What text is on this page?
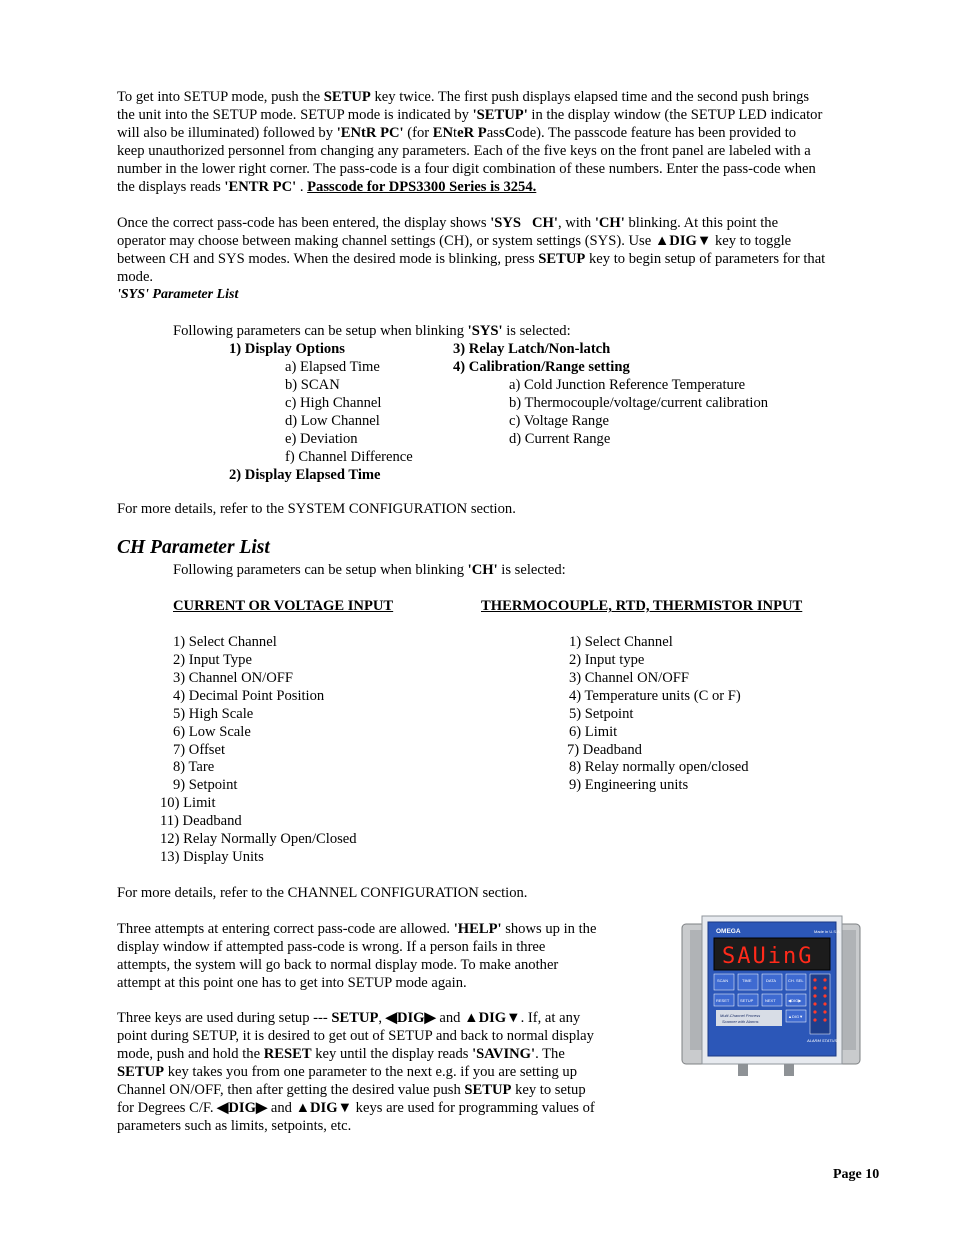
To get into SETUP mode, push the SETUP key twice. The first push displays elapsed time and the second push brings
the unit into the SETUP mode. SETUP mode is indicated by 'SETUP' in the display window (the SETUP LED indicator
will also be illuminated) followed by 'ENtR PC' (for ENteR PassCode). The passcode feature has been provided to
keep unauthorized personnel from changing any parameters. Each of the five keys on the front panel are labeled with a
number in the lower right corner. The pass-code is a four digit combination of these numbers. Enter the pass-code when
the displays reads 'ENTR PC' . Passcode for DPS3300 Series is 3254.
Once the correct pass-code has been entered, the display shows 'SYS   CH', with 'CH' blinking. At this point the
operator may choose between making channel settings (CH), or system settings (SYS). Use ▲DIG▼ key to toggle
between CH and SYS modes. When the desired mode is blinking, press SETUP key to begin setup of parameters for that
mode.
'SYS' Parameter List
Following parameters can be setup when blinking 'SYS' is selected:
1) Display Options
a) Elapsed Time
b) SCAN
c) High Channel
d) Low Channel
e) Deviation
f) Channel Difference
2) Display Elapsed Time
3) Relay Latch/Non-latch
4) Calibration/Range setting
a) Cold Junction Reference Temperature
b) Thermocouple/voltage/current calibration
c) Voltage Range
d) Current Range
For more details, refer to the SYSTEM CONFIGURATION section.
CH Parameter List
Following parameters can be setup when blinking 'CH' is selected:
CURRENT OR VOLTAGE INPUT	THERMOCOUPLE, RTD, THERMISTOR INPUT
1) Select Channel
2) Input Type
3) Channel ON/OFF
4) Decimal Point Position
5) High Scale
6) Low Scale
7) Offset
8) Tare
9) Setpoint
10) Limit
11) Deadband
12) Relay Normally Open/Closed
13) Display Units
1) Select Channel
2) Input type
3) Channel ON/OFF
4) Temperature units (C or F)
5) Setpoint
6) Limit
7) Deadband
8) Relay normally open/closed
9) Engineering units
For more details, refer to the CHANNEL CONFIGURATION section.
Three attempts at entering correct pass-code are allowed. 'HELP' shows up in the
display window if attempted pass-code is wrong. If a person fails in three
attempts, the system will go back to normal display mode. To make another
attempt at this point one has to get into SETUP mode again.
Three keys are used during setup --- SETUP, ◀DIG▶ and ▲DIG▼. If, at any
point during SETUP, it is desired to get out of SETUP and back to normal display
mode, push and hold the RESET key until the display reads 'SAVING'. The
SETUP key takes you from one parameter to the next e.g. if you are setting up
Channel ON/OFF, then after getting the desired value push SETUP key to setup
for Degrees C/F. ◀DIG▶ and ▲DIG▼ keys are used for programming values of
parameters such as limits, setpoints, etc.
OMEGA	Made in U.S.A.
SAUinG
SCAN	TIME	DATA	CH. SEL
RESET	SETUP	NEXT	◀DIG▶
▲DIG▼
Multi-Channel Process
Scanner with Alarms
ALARM STATUS
Page 10
